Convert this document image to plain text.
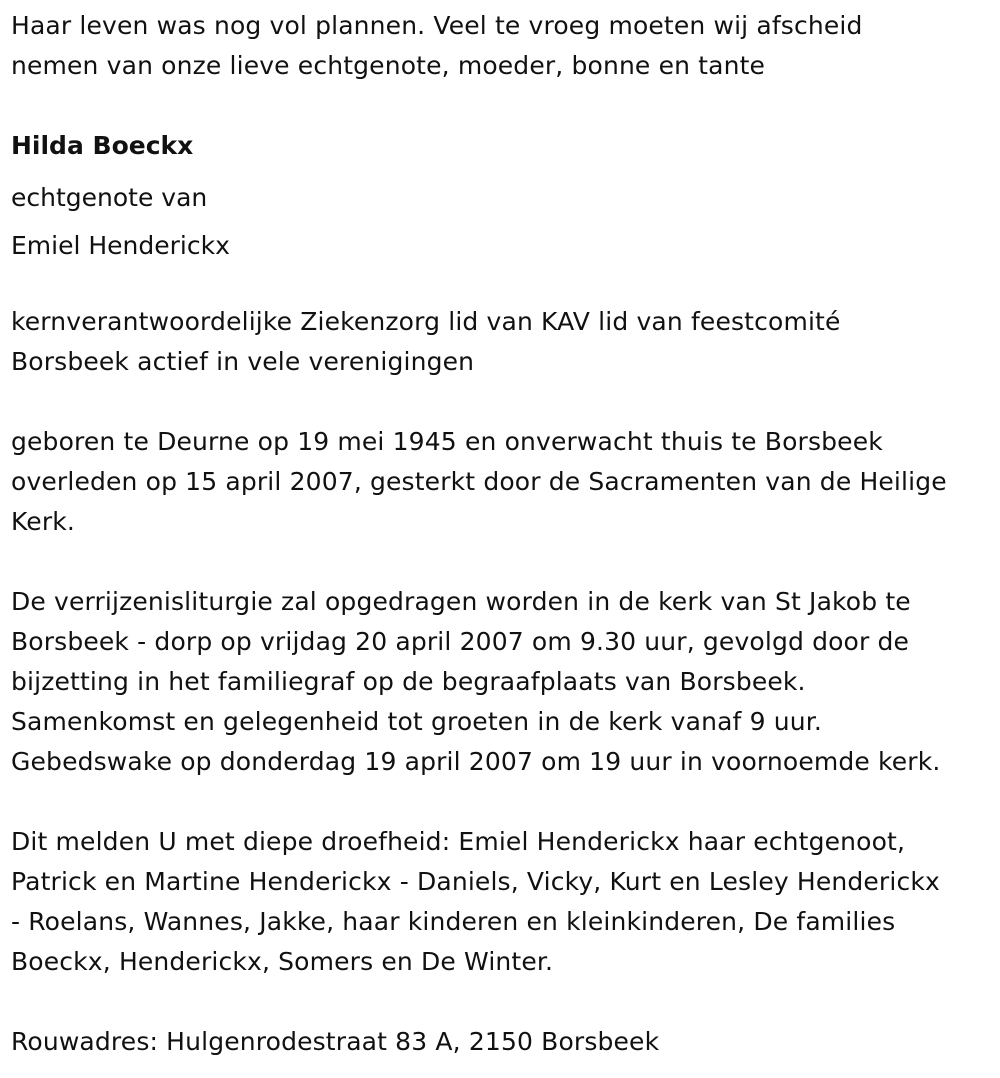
Haar leven was nog vol plannen. Veel te vroeg moeten wij afscheid
nemen van onze lieve echtgenote, moeder, bonne en tante

Hilda Boeckx

echtgenote van

Emiel Henderickx

kernverantwoordelijke Ziekenzorg lid van KAV lid van feestcomité
Borsbeek actief in vele verenigingen

geboren te Deurne op 19 mei 1945 en onverwacht thuis te Borsbeek
overleden op 15 april 2007, gesterkt door de Sacramenten van de Heilige
Kerk.

De verrijzenisliturgie zal opgedragen worden in de kerk van St Jakob te
Borsbeek - dorp op vrijdag 20 april 2007 om 9.30 uur, gevolgd door de
bijzetting in het familiegraf op de begraafplaats van Borsbeek.
Samenkomst en gelegenheid tot groeten in de kerk vanaf 9 uur.
Gebedswake op donderdag 19 april 2007 om 19 uur in voornoemde kerk.

Dit melden U met diepe droefheid: Emiel Henderickx haar echtgenoot,
Patrick en Martine Henderickx - Daniels, Vicky, Kurt en Lesley Henderickx
- Roelans, Wannes, Jakke, haar kinderen en kleinkinderen, De families
Boeckx, Henderickx, Somers en De Winter.

Rouwadres: Hulgenrodestraat 83 A, 2150 Borsbeek
